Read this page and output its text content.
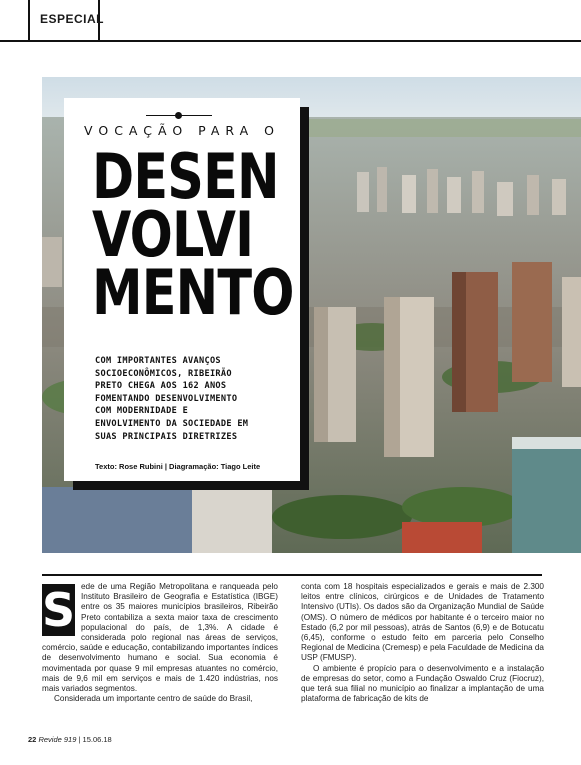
ESPECIAL
VOCAÇÃO PARA O
DESEN
VOLVI
MENTO
COM IMPORTANTES AVANÇOS
SOCIOECONÔMICOS, RIBEIRÃO
PRETO CHEGA AOS 162 ANOS
FOMENTANDO DESENVOLVIMENTO
COM MODERNIDADE E
ENVOLVIMENTO DA SOCIEDADE EM
SUAS PRINCIPAIS DIRETRIZES
Texto: Rose Rubini | Diagramação: Tiago Leite
S ede de uma Região Metropolitana e ranqueada pelo Instituto Brasileiro de Geografia e Estatística (IBGE) entre os 35 maiores municípios brasileiros, Ribeirão Preto contabiliza a sexta maior taxa de crescimento populacional do país, de 1,3%. A cidade é considerada polo regional nas áreas de serviços, comércio, saúde e educação, contabilizando importantes índices de desenvolvimento humano e social. Sua economia é movimentada por quase 9 mil empresas atuantes no comércio, mais de 9,6 mil em serviços e mais de 1.420 indústrias, nos mais variados segmentos.

Considerada um importante centro de saúde do Brasil,

conta com 18 hospitais especializados e gerais e mais de 2.300 leitos entre clínicos, cirúrgicos e de Unidades de Tratamento Intensivo (UTIs). Os dados são da Organização Mundial de Saúde (OMS). O número de médicos por habitante é o terceiro maior no Estado (6,2 por mil pessoas), atrás de Santos (6,9) e de Botucatu (6,45), conforme o estudo feito em parceria pelo Conselho Regional de Medicina (Cremesp) e pela Faculdade de Medicina da USP (FMUSP).

O ambiente é propício para o desenvolvimento e a instalação de empresas do setor, como a Fundação Oswaldo Cruz (Fiocruz), que terá sua filial no município ao finalizar a implantação de uma plataforma de fabricação de kits de

22 Revide 919 | 15.06.18
